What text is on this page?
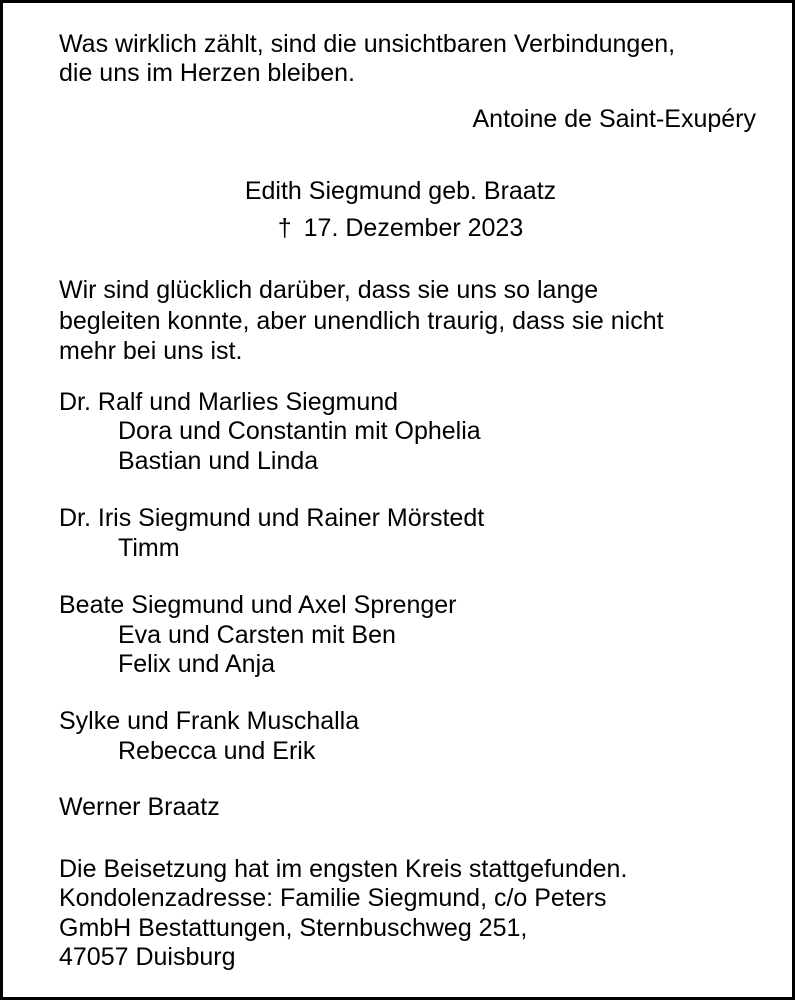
Was wirklich zählt, sind die unsichtbaren Verbindungen,
die uns im Herzen bleiben.
Antoine de Saint-Exupéry
Edith Siegmund geb. Braatz
† 17. Dezember 2023
Wir sind glücklich darüber, dass sie uns so lange
begleiten konnte, aber unendlich traurig, dass sie nicht
mehr bei uns ist.
Dr. Ralf und Marlies Siegmund
Dora und Constantin mit Ophelia
Bastian und Linda
Dr. Iris Siegmund und Rainer Mörstedt
Timm
Beate Siegmund und Axel Sprenger
Eva und Carsten mit Ben
Felix und Anja
Sylke und Frank Muschalla
Rebecca und Erik
Werner Braatz
Die Beisetzung hat im engsten Kreis stattgefunden.
Kondolenzadresse: Familie Siegmund, c/o Peters
GmbH Bestattungen, Sternbuschweg 251,
47057 Duisburg
